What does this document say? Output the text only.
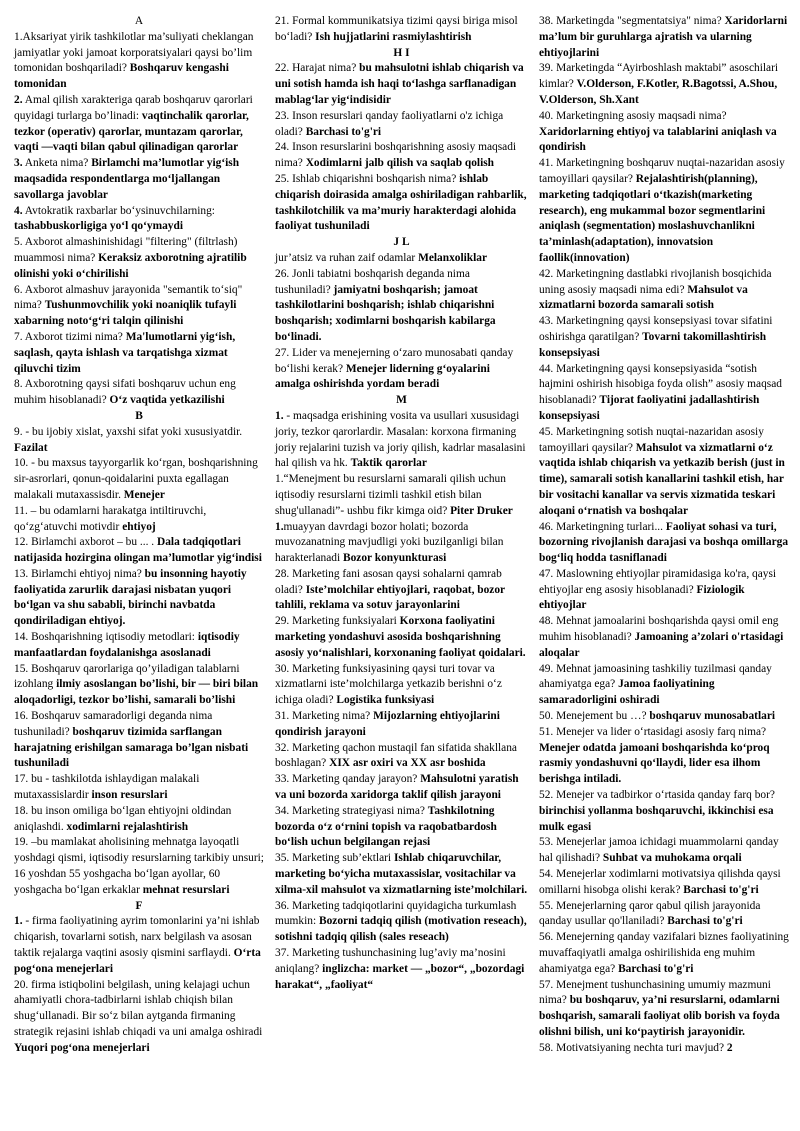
A

1.Aksariyat yirik tashkilotlar ma’suliyati cheklangan jamiyatlar yoki jamoat korporatsiyalari qaysi bo’lim tomonidan boshqariladi? Boshqaruv kengashi tomonidan

2. Amal qilish xarakteriga qarab boshqaruv qarorlari quyidagi turlarga bo’linadi: vaqtinchalik qarorlar, tezkor (operativ) qarorlar, muntazam qarorlar, vaqti —vaqti bilan qabul qilinadigan qarorlar

3. Anketa nima? Birlamchi ma’lumotlar yig‘ish maqsadida respondentlarga mo‘ljallangan savollarga javoblar

4. Avtokratik raxbarlar bo‘ysinuvchilarning: tashabbuskorligiga yo‘l qo‘ymaydi

5. Axborot almashinishidagi "filtering" (filtrlash) muammosi nima? Keraksiz axborotning ajratilib olinishi yoki o‘chirilishi

6. Axborot almashuv jarayonida "semantik to‘siq" nima? Tushunmovchilik yoki noaniqlik tufayli xabarning noto‘g‘ri talqin qilinishi

7. Axborot tizimi nima? Ma'lumotlarni yig‘ish, saqlash, qayta ishlash va tarqatishga xizmat qiluvchi tizim

8. Axborotning qaysi sifati boshqaruv uchun eng muhim hisoblanadi? O‘z vaqtida yetkazilishi

B

9. - bu ijobiy xislat, yaxshi sifat yoki xususiyatdir. Fazilat

10. - bu maxsus tayyorgarlik ko‘rgan, boshqarishning sir-asrorlari, qonun-qoidalarini puxta egallagan malakali mutaxassisdir. Menejer

11. – bu odamlarni harakatga intiltiruvchi, qo‘zg‘atuvchi motivdir ehtiyoj

12. Birlamchi axborot – bu ... . Dala tadqiqotlari natijasida hozirgina olingan ma’lumotlar yig‘indisi

13. Birlamchi ehtiyoj nima? bu insonning hayotiy faoliyatida zarurlik darajasi nisbatan yuqori bo‘lgan va shu sababli, birinchi navbatda qondiriladigan ehtiyoj.

14. Boshqarishning iqtisodiy metodlari: iqtisodiy manfaatlardan foydalanishga asoslanadi

15. Boshqaruv qarorlariga qo’yiladigan talablarni izohlang ilmiy asoslangan bo’lishi, bir — biri bilan aloqadorligi, tezkor bo’lishi, samarali bo’lishi

16. Boshqaruv samaradorligi deganda nima tushuniladi? boshqaruv tizimida sarflangan harajatning erishilgan samaraga bo’lgan nisbati tushuniladi

17. bu - tashkilotda ishlaydigan malakali mutaxassislardir inson resurslari

18. bu inson omiliga bo‘lgan ehtiyojni oldindan aniqlashdi. xodimlarni rejalashtirish

19. –bu mamlakat aholisining mehnatga layoqatli yoshdagi qismi, iqtisodiy resurslarning tarkibiy unsuri; 16 yoshdan 55 yoshgacha bo‘lgan ayollar, 60 yoshgacha bo‘lgan erkaklar mehnat resurslari

F

1. - firma faoliyatining ayrim tomonlarini ya’ni ishlab chiqarish, tovarlarni sotish, narx belgilash va asosan taktik rejalarga vaqtini asosiy qismini sarflaydi. O‘rta pog‘ona menejerlari

20. firma istiqbolini belgilash, uning kelajagi uchun ahamiyatli chora-tadbirlarni ishlab chiqish bilan shug‘ullanadi. Bir so‘z bilan aytganda firmaning strategik rejasini ishlab chiqadi va uni amalga oshiradi Yuqori pog‘ona menejerlari

21. Formal kommunikatsiya tizimi qaysi biriga misol bo‘ladi? Ish hujjatlarini rasmiylashtirish

H I

22. Harajat nima? bu mahsulotni ishlab chiqarish va uni sotish hamda ish haqi to‘lashga sarflanadigan mablag‘lar yig‘indisidir

23. Inson resurslari qanday faoliyatlarni o'z ichiga oladi? Barchasi to'g'ri

24. Inson resurslarini boshqarishning asosiy maqsadi nima? Xodimlarni jalb qilish va saqlab qolish

25. Ishlab chiqarishni boshqarish nima? ishlab chiqarish doirasida amalga oshiriladigan rahbarlik, tashkilotchilik va ma’muriy harakterdagi alohida faoliyat tushuniladi

J L

jur’atsiz va ruhan zaif odamlar Melanxoliklar

26. Jonli tabiatni boshqarish deganda nima tushuniladi? jamiyatni boshqarish; jamoat tashkilotlarini boshqarish; ishlab chiqarishni boshqarish; xodimlarni boshqarish kabilarga bo‘linadi.

27. Lider va menejerning o‘zaro munosabati qanday bo‘lishi kerak? Menejer liderning g‘oyalarini amalga oshirishda yordam beradi

M

1. - maqsadga erishining vosita va usullari xususidagi joriy, tezkor qarorlardir. Masalan: korxona firmaning joriy rejalarini tuzish va joriy qilish, kadrlar masalasini hal qilish va hk. Taktik qarorlar

1.“Menejment bu resurslarni samarali qilish uchun iqtisodiy resurslarni tizimli tashkil etish bilan shug'ullanadi”- ushbu fikr kimga oid? Piter Druker

1.muayyan davrdagi bozor holati; bozorda muvozanatning mavjudligi yoki buzilganligi bilan harakterlanadi Bozor konyunkturasi

28. Marketing fani asosan qaysi sohalarni qamrab oladi? Iste’molchilar ehtiyojlari, raqobat, bozor tahlili, reklama va sotuv jarayonlarini

29. Marketing funksiyalari Korxona faoliyatini marketing yondashuvi asosida boshqarishning asosiy yo‘nalishlari, korxonaning faoliyat qoidalari.

30. Marketing funksiyasining qaysi turi tovar va xizmatlarni iste’molchilarga yetkazib berishni o‘z ichiga oladi? Logistika funksiyasi

31. Marketing nima? Mijozlarning ehtiyojlarini qondirish jarayoni

32. Marketing qachon mustaqil fan sifatida shakllana boshlagan? XIX asr oxiri va XX asr boshida

33. Marketing qanday jarayon? Mahsulotni yaratish va uni bozorda xaridorga taklif qilish jarayoni

34. Marketing strategiyasi nima? Tashkilotning bozorda o‘z o‘rnini topish va raqobatbardosh bo‘lish uchun belgilangan rejasi

35. Marketing sub’ektlari Ishlab chiqaruvchilar, marketing bo‘yicha mutaxassislar, vositachilar va xilma-xil mahsulot va xizmatlarning iste’molchilari.

36. Marketing tadqiqotlarini quyidagicha turkumlash mumkin: Bozorni tadqiq qilish (motivation reseach), sotishni tadqiq qilish (sales reseach)

37. Marketing tushunchasining lug’aviy ma’nosini aniqlang? inglizcha: market — „bozor“, „bozordagi harakat“, „faoliyat“

38. Marketingda "segmentatsiya" nima? Xaridorlarni ma’lum bir guruhlarga ajratish va ularning ehtiyojlarini

39. Marketingda “Ayirboshlash maktabi” asoschilari kimlar? V.Olderson, F.Kotler, R.Bagotssi, A.Shou, V.Olderson, Sh.Xant

40. Marketingning asosiy maqsadi nima? Xaridorlarning ehtiyoj va talablarini aniqlash va qondirish

41. Marketingning boshqaruv nuqtai-nazaridan asosiy tamoyillari qaysilar? Rejalashtirish(planning), marketing tadqiqotlari o‘tkazish(marketing research), eng mukammal bozor segmentlarini aniqlash (segmentation) moslashuvchanlikni ta’minlash(adaptation), innovatsion faollik(innovation)

42. Marketingning dastlabki rivojlanish bosqichida uning asosiy maqsadi nima edi? Mahsulot va xizmatlarni bozorda samarali sotish

43. Marketingning qaysi konsepsiyasi tovar sifatini oshirishga qaratilgan? Tovarni takomillashtirish konsepsiyasi

44. Marketingning qaysi konsepsiyasida “sotish hajmini oshirish hisobiga foyda olish” asosiy maqsad hisoblanadi? Tijorat faoliyatini jadallashtirish konsepsiyasi

45. Marketingning sotish nuqtai-nazaridan asosiy tamoyillari qaysilar? Mahsulot va xizmatlarni o‘z vaqtida ishlab chiqarish va yetkazib berish (just in time), samarali sotish kanallarini tashkil etish, har bir vositachi kanallar va servis xizmatida teskari aloqani o‘rnatish va boshqalar

46. Marketingning turlari... Faoliyat sohasi va turi, bozorning rivojlanish darajasi va boshqa omillarga bog‘liq hodda tasniflanadi

47. Maslowning ehtiyojlar piramidasiga ko'ra, qaysi ehtiyojlar eng asosiy hisoblanadi? Fiziologik ehtiyojlar

48. Mehnat jamoalarini boshqarishda qaysi omil eng muhim hisoblanadi? Jamoaning a’zolari o'rtasidagi aloqalar

49. Mehnat jamoasining tashkiliy tuzilmasi qanday ahamiyatga ega? Jamoa faoliyatining samaradorligini oshiradi

50. Menejement bu …? boshqaruv munosabatlari

51. Menejer va lider o‘rtasidagi asosiy farq nima? Menejer odatda jamoani boshqarishda ko‘proq rasmiy yondashuvni qo‘llaydi, lider esa ilhom berishga intiladi.

52. Menejer va tadbirkor o‘rtasida qanday farq bor? birinchisi yollanma boshqaruvchi, ikkinchisi esa mulk egasi

53. Menejerlar jamoa ichidagi muammolarni qanday hal qilishadi? Suhbat va muhokama orqali

54. Menejerlar xodimlarni motivatsiya qilishda qaysi omillarni hisobga olishi kerak? Barchasi to'g'ri

55. Menejerlarning qaror qabul qilish jarayonida qanday usullar qo'llaniladi? Barchasi to'g'ri

56. Menejerning qanday vazifalari biznes faoliyatining muvaffaqiyatli amalga oshirilishida eng muhim ahamiyatga ega? Barchasi to'g'ri

57. Menejment tushunchasining umumiy mazmuni nima? bu boshqaruv, ya’ni resurslarni, odamlarni boshqarish, samarali faoliyat olib borish va foyda olishni bilish, uni ko‘paytirish jarayonidir.

58. Motivatsiyaning nechta turi mavjud? 2
